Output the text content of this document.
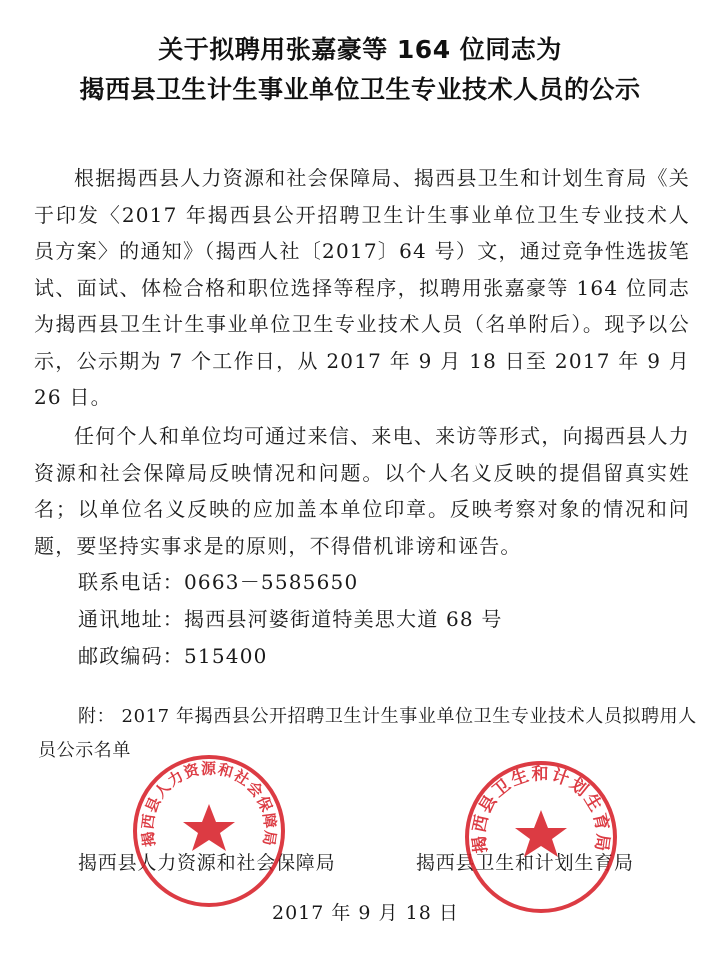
关于拟聘用张嘉豪等 164 位同志为
揭西县卫生计生事业单位卫生专业技术人员的公示
根据揭西县人力资源和社会保障局、揭西县卫生和计划生育局《关于印发〈2017 年揭西县公开招聘卫生计生事业单位卫生专业技术人员方案〉的通知》（揭西人社〔2017〕64 号）文，通过竞争性选拔笔试、面试、体检合格和职位选择等程序，拟聘用张嘉豪等 164 位同志为揭西县卫生计生事业单位卫生专业技术人员（名单附后）。现予以公示，公示期为 7 个工作日，从 2017 年 9 月 18 日至 2017 年 9 月 26 日。
任何个人和单位均可通过来信、来电、来访等形式，向揭西县人力资源和社会保障局反映情况和问题。以个人名义反映的提倡留真实姓名；以单位名义反映的应加盖本单位印章。反映考察对象的情况和问题，要坚持实事求是的原则，不得借机诽谤和诬告。
联系电话：0663－5585650
通讯地址：揭西县河婆街道特美思大道 68 号
邮政编码：515400
附： 2017 年揭西县公开招聘卫生计生事业单位卫生专业技术人员拟聘用人员公示名单
揭西县人力资源和社会保障局	揭西县卫生和计划生育局
2017 年 9 月 18 日
揭西县人力资源和社会保障局	揭西县卫生和计划生育局
